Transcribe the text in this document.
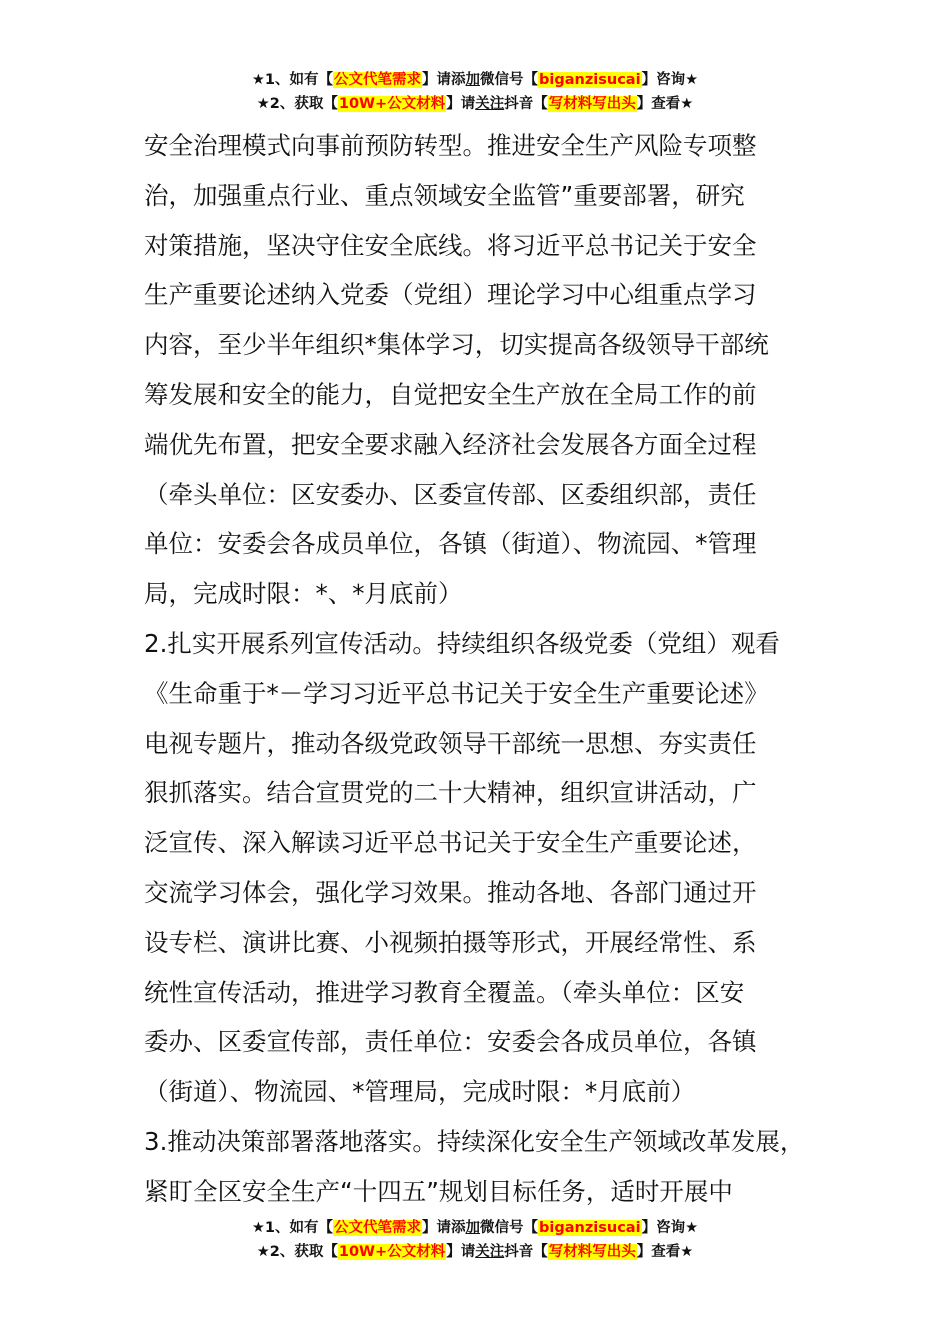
★1、如有【公文代笔需求】请添加微信号【biganzisucai】咨询★
★2、获取【10W+公文材料】请关注抖音【写材料写出头】查看★
安全治理模式向事前预防转型。推进安全生产风险专项整
治，加强重点行业、重点领域安全监管”重要部署，研究
对策措施，坚决守住安全底线。将习近平总书记关于安全
生产重要论述纳入党委（党组）理论学习中心组重点学习
内容，至少半年组织*集体学习，切实提高各级领导干部统
筹发展和安全的能力，自觉把安全生产放在全局工作的前
端优先布置，把安全要求融入经济社会发展各方面全过程
（牵头单位：区安委办、区委宣传部、区委组织部，责任
单位：安委会各成员单位，各镇（街道）、物流园、*管理
局，完成时限：*、*月底前）
2.扎实开展系列宣传活动。持续组织各级党委（党组）观看
《生命重于*－学习习近平总书记关于安全生产重要论述》
电视专题片，推动各级党政领导干部统一思想、夯实责任
狠抓落实。结合宣贯党的二十大精神，组织宣讲活动，广
泛宣传、深入解读习近平总书记关于安全生产重要论述，
交流学习体会，强化学习效果。推动各地、各部门通过开
设专栏、演讲比赛、小视频拍摄等形式，开展经常性、系
统性宣传活动，推进学习教育全覆盖。（牵头单位：区安
委办、区委宣传部，责任单位：安委会各成员单位，各镇
（街道）、物流园、*管理局，完成时限：*月底前）
3.推动决策部署落地落实。持续深化安全生产领域改革发展，
紧盯全区安全生产“十四五”规划目标任务，适时开展中
★1、如有【公文代笔需求】请添加微信号【biganzisucai】咨询★
★2、获取【10W+公文材料】请关注抖音【写材料写出头】查看★
